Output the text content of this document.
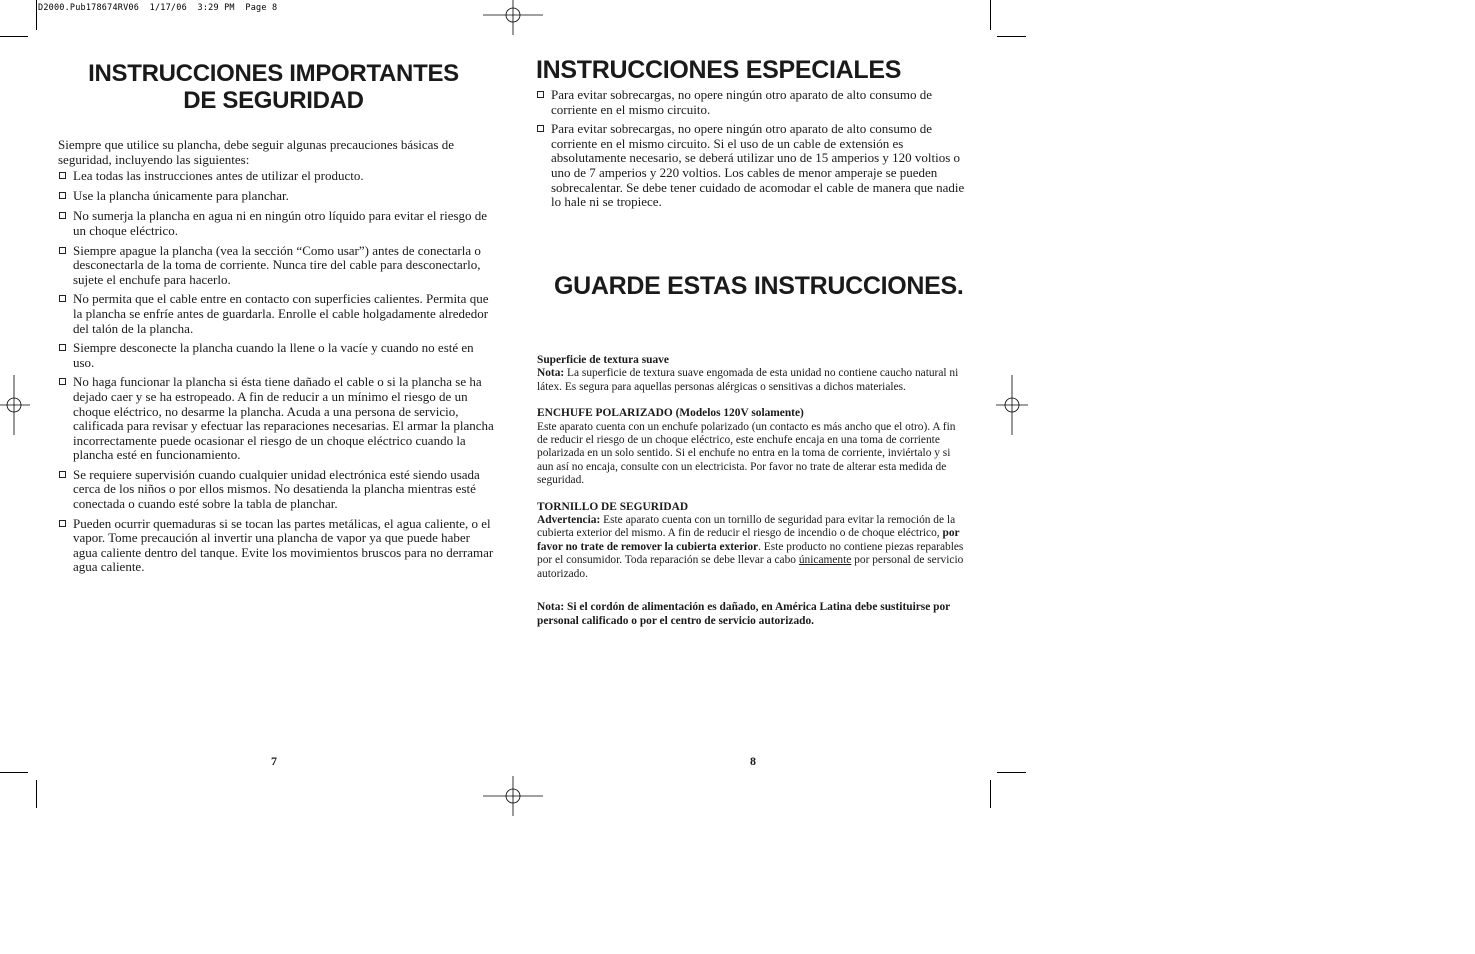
D2000.Pub178674RV06  1/17/06  3:29 PM  Page 8
INSTRUCCIONES IMPORTANTES
DE SEGURIDAD

Siempre que utilice su plancha, debe seguir algunas precauciones básicas de seguridad, incluyendo las siguientes:

Lea todas las instrucciones antes de utilizar el producto.
Use la plancha únicamente para planchar.
No sumerja la plancha en agua ni en ningún otro líquido para evitar el riesgo de un choque eléctrico.
Siempre apague la plancha (vea la sección “Como usar”) antes de conectarla o desconectarla de la toma de corriente. Nunca tire del cable para desconectarlo, sujete el enchufe para hacerlo.
No permita que el cable entre en contacto con superficies calientes. Permita que la plancha se enfríe antes de guardarla. Enrolle el cable holgadamente alrededor del talón de la plancha.
Siempre desconecte la plancha cuando la llene o la vacíe y cuando no esté en uso.
No haga funcionar la plancha si ésta tiene dañado el cable o si la plancha se ha dejado caer y se ha estropeado. A fin de reducir a un mínimo el riesgo de un choque eléctrico, no desarme la plancha. Acuda a una persona de servicio, calificada para revisar y efectuar las reparaciones necesarias. El armar la plancha incorrectamente puede ocasionar el riesgo de un choque eléctrico cuando la plancha esté en funcionamiento.
Se requiere supervisión cuando cualquier unidad electrónica esté siendo usada cerca de los niños o por ellos mismos. No desatienda la plancha mientras esté conectada o cuando esté sobre la tabla de planchar.
Pueden ocurrir quemaduras si se tocan las partes metálicas, el agua caliente, o el vapor. Tome precaución al invertir una plancha de vapor ya que puede haber agua caliente dentro del tanque. Evite los movimientos bruscos para no derramar agua caliente.
7
INSTRUCCIONES ESPECIALES
Para evitar sobrecargas, no opere ningún otro aparato de alto consumo de corriente en el mismo circuito.
Para evitar sobrecargas, no opere ningún otro aparato de alto consumo de corriente en el mismo circuito. Si el uso de un cable de extensión es absolutamente necesario, se deberá utilizar uno de 15 amperios y 120 voltios o uno de 7 amperios y 220 voltios. Los cables de menor amperaje se pueden sobrecalentar. Se debe tener cuidado de acomodar el cable de manera que nadie lo hale ni se tropiece.
GUARDE ESTAS INSTRUCCIONES.

Superficie de textura suave
Nota: La superficie de textura suave engomada de esta unidad no contiene caucho natural ni látex. Es segura para aquellas personas alérgicas o sensitivas a dichos materiales.

ENCHUFE POLARIZADO (Modelos 120V solamente)
Este aparato cuenta con un enchufe polarizado (un contacto es más ancho que el otro). A fin de reducir el riesgo de un choque eléctrico, este enchufe encaja en una toma de corriente polarizada en un solo sentido. Si el enchufe no entra en la toma de corriente, inviértalo y si aun así no encaja, consulte con un electricista. Por favor no trate de alterar esta medida de seguridad.

TORNILLO DE SEGURIDAD
Advertencia: Este aparato cuenta con un tornillo de seguridad para evitar la remoción de la cubierta exterior del mismo. A fin de reducir el riesgo de incendio o de choque eléctrico, por favor no trate de remover la cubierta exterior. Este producto no contiene piezas reparables por el consumidor. Toda reparación se debe llevar a cabo únicamente por personal de servicio autorizado.

Nota: Si el cordón de alimentación es dañado, en América Latina debe sustituirse por personal calificado o por el centro de servicio autorizado.

8
